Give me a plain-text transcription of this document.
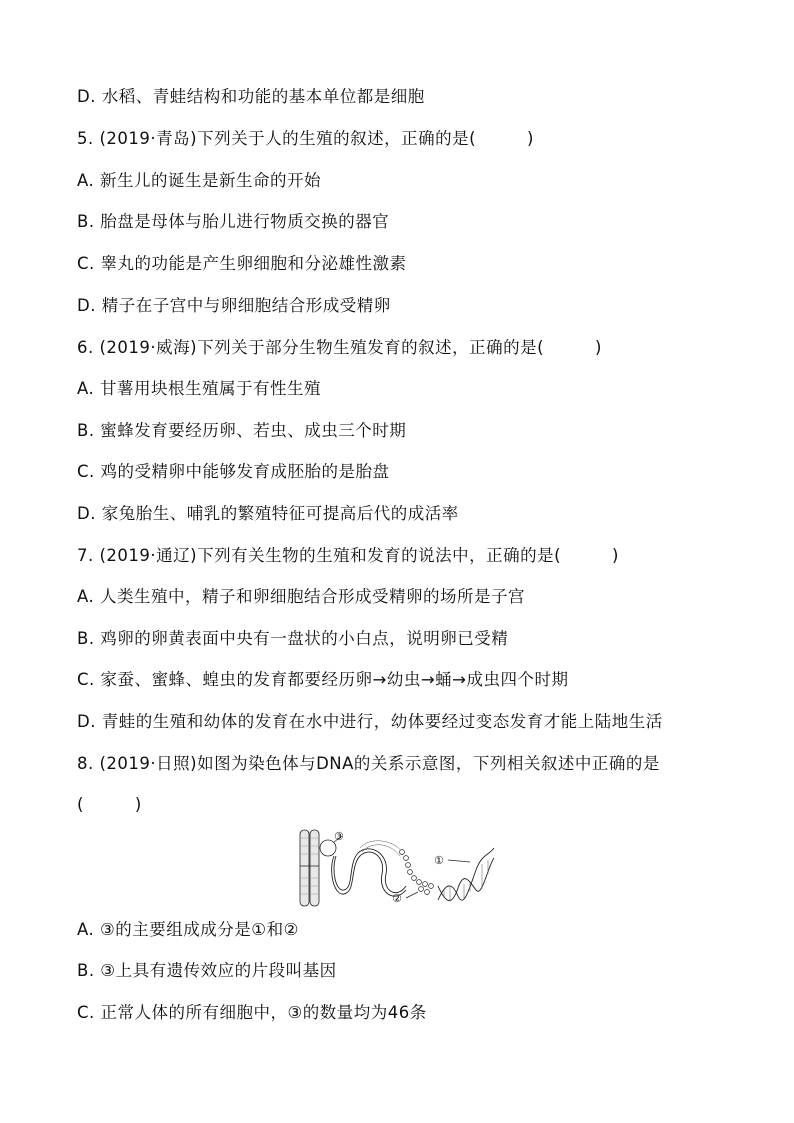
D. 水稻、青蛙结构和功能的基本单位都是细胞
5. (2019·青岛)下列关于人的生殖的叙述，正确的是(　　　)
A. 新生儿的诞生是新生命的开始
B. 胎盘是母体与胎儿进行物质交换的器官
C. 睾丸的功能是产生卵细胞和分泌雄性激素
D. 精子在子宫中与卵细胞结合形成受精卵
6. (2019·威海)下列关于部分生物生殖发育的叙述，正确的是(　　　)
A. 甘薯用块根生殖属于有性生殖
B. 蜜蜂发育要经历卵、若虫、成虫三个时期
C. 鸡的受精卵中能够发育成胚胎的是胎盘
D. 家兔胎生、哺乳的繁殖特征可提高后代的成活率
7. (2019·通辽)下列有关生物的生殖和发育的说法中，正确的是(　　　)
A. 人类生殖中，精子和卵细胞结合形成受精卵的场所是子宫
B. 鸡卵的卵黄表面中央有一盘状的小白点，说明卵已受精
C. 家蚕、蜜蜂、蝗虫的发育都要经历卵→幼虫→蛹→成虫四个时期
D. 青蛙的生殖和幼体的发育在水中进行，幼体要经过变态发育才能上陆地生活
8. (2019·日照)如图为染色体与DNA的关系示意图，下列相关叙述中正确的是
(　　　)
③
①
②
A. ③的主要组成成分是①和②
B. ③上具有遗传效应的片段叫基因
C. 正常人体的所有细胞中，③的数量均为46条
